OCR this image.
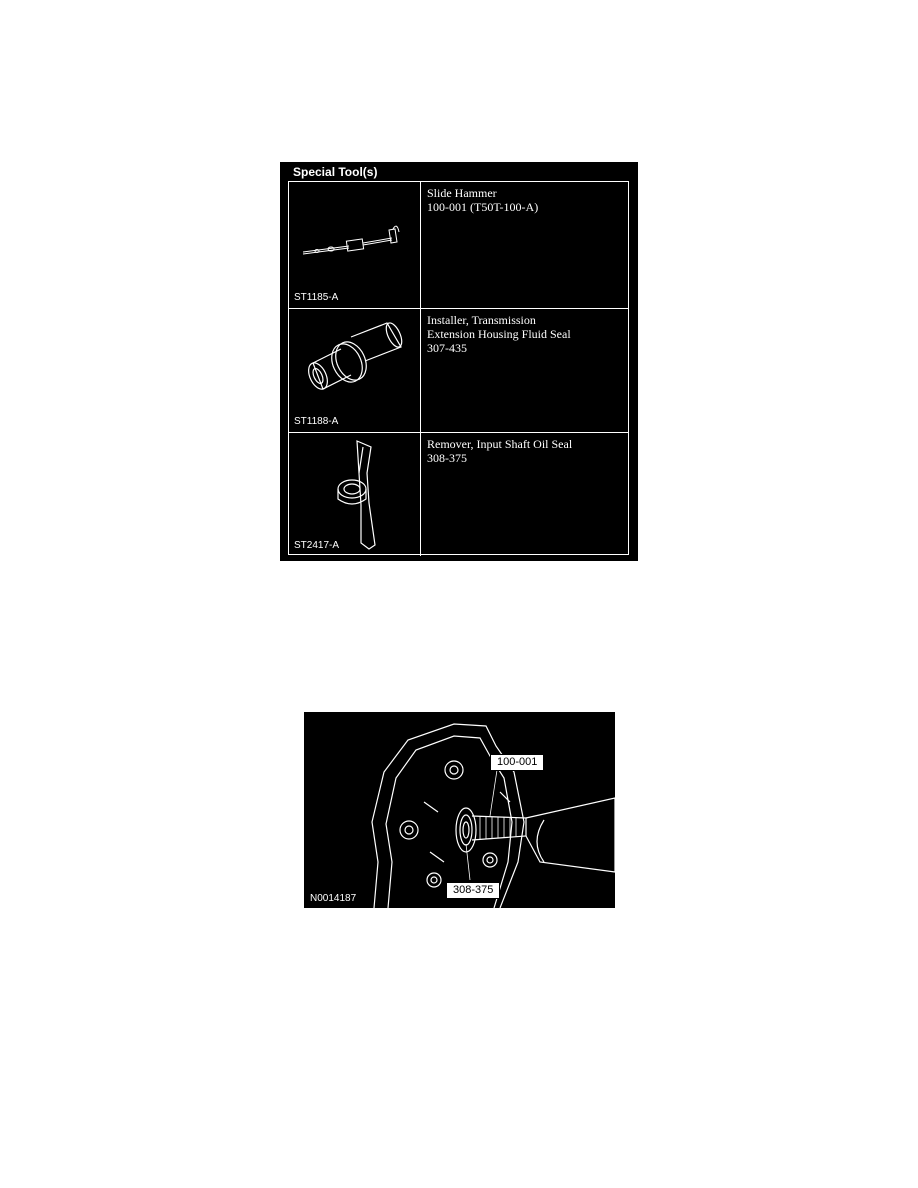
Special Tool(s)
ST1185-A
Slide Hammer
100-001 (T50T-100-A)
ST1188-A
Installer, Transmission
Extension Housing Fluid Seal
307-435
ST2417-A
Remover, Input Shaft Oil Seal
308-375
100-001
308-375
N0014187
